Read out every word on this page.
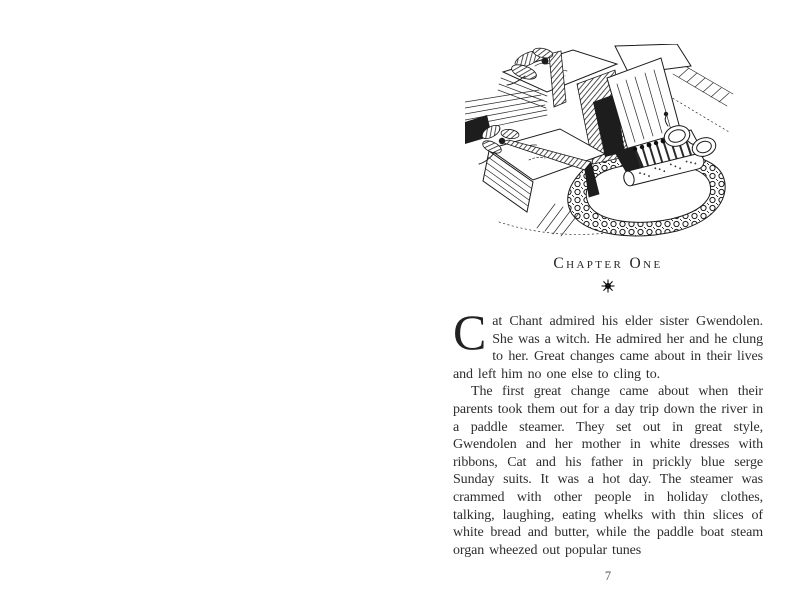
Chapter One

Cat Chant admired his elder sister Gwendolen. She was a witch. He admired her and he clung to her. Great changes came about in their lives and left him no one else to cling to.

The first great change came about when their parents took them out for a day trip down the river in a paddle steamer. They set out in great style, Gwendolen and her mother in white dresses with ribbons, Cat and his father in prickly blue serge Sunday suits. It was a hot day. The steamer was crammed with other people in holiday clothes, talking, laughing, eating whelks with thin slices of white bread and butter, while the paddle boat steam organ wheezed out popular tunes

7
